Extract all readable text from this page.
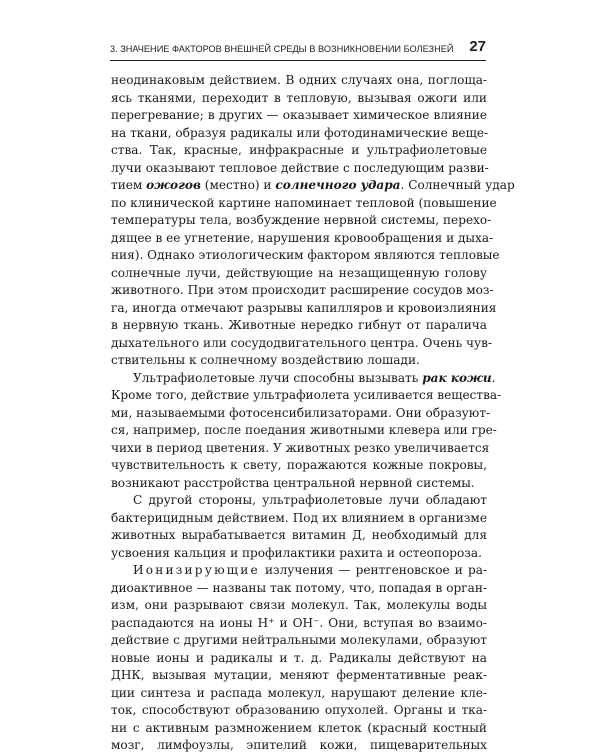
3. ЗНАЧЕНИЕ ФАКТОРОВ ВНЕШНЕЙ СРЕДЫ В ВОЗНИКНОВЕНИИ БОЛЕЗНЕЙ 27
неодинаковым действием. В одних случаях она, поглоща-
ясь тканями, переходит в тепловую, вызывая ожоги или
перегревание; в других — оказывает химическое влияние
на ткани, образуя радикалы или фотодинамические веще-
ства. Так, красные, инфракрасные и ультрафиолетовые
лучи оказывают тепловое действие с последующим разви-
тием ожогов (местно) и солнечного удара. Солнечный удар
по клинической картине напоминает тепловой (повышение
температуры тела, возбуждение нервной системы, перехо-
дящее в ее угнетение, нарушения кровообращения и дыха-
ния). Однако этиологическим фактором являются тепловые
солнечные лучи, действующие на незащищенную голову
животного. При этом происходит расширение сосудов моз-
га, иногда отмечают разрывы капилляров и кровоизлияния
в нервную ткань. Животные нередко гибнут от паралича
дыхательного или сосудодвигательного центра. Очень чув-
ствительны к солнечному воздействию лошади.
Ультрафиолетовые лучи способны вызывать рак кожи.
Кроме того, действие ультрафиолета усиливается вещества-
ми, называемыми фотосенсибилизаторами. Они образуют-
ся, например, после поедания животными клевера или гре-
чихи в период цветения. У животных резко увеличивается
чувствительность к свету, поражаются кожные покровы,
возникают расстройства центральной нервной системы.
С другой стороны, ультрафиолетовые лучи обладают
бактерицидным действием. Под их влиянием в организме
животных вырабатывается витамин Д, необходимый для
усвоения кальция и профилактики рахита и остеопороза.
Ионизирующие излучения — рентгеновское и ра-
диоактивное — названы так потому, что, попадая в орган-
изм, они разрывают связи молекул. Так, молекулы воды
распадаются на ионы H⁺ и OH⁻. Они, вступая во взаимо-
действие с другими нейтральными молекулами, образуют
новые ионы и радикалы и т. д. Радикалы действуют на
ДНК, вызывая мутации, меняют ферментативные реак-
ции синтеза и распада молекул, нарушают деление кле-
ток, способствуют образованию опухолей. Органы и тка-
ни с активным размножением клеток (красный костный
мозг, лимфоузлы, эпителий кожи, пищеварительных
